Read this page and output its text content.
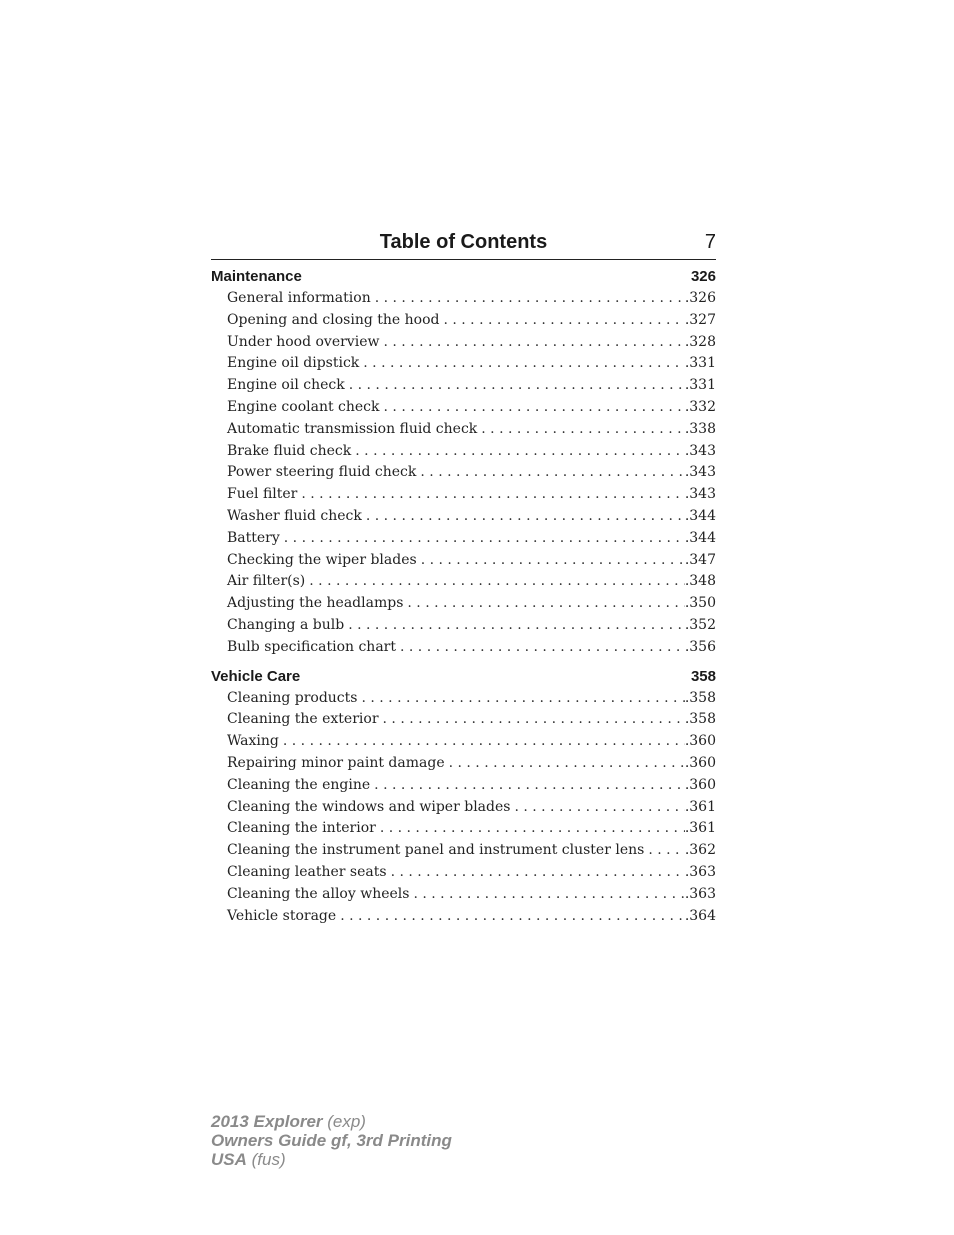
Table of Contents	7
Maintenance	326
General information . . .	.326
Opening and closing the hood . . .	.327
Under hood overview . . .	.328
Engine oil dipstick . . .	.331
Engine oil check . . .	.331
Engine coolant check . . .	.332
Automatic transmission fluid check . . .	.338
Brake fluid check . . .	.343
Power steering fluid check . . .	.343
Fuel filter . . .	.343
Washer fluid check . . .	.344
Battery . . .	.344
Checking the wiper blades . . .	.347
Air filter(s) . . .	.348
Adjusting the headlamps . . .	.350
Changing a bulb . . .	.352
Bulb specification chart . . .	.356
Vehicle Care	358
Cleaning products . . .	.358
Cleaning the exterior . . .	.358
Waxing . . .	.360
Repairing minor paint damage . . .	.360
Cleaning the engine . . .	.360
Cleaning the windows and wiper blades . . .	.361
Cleaning the interior . . .	.361
Cleaning the instrument panel and instrument cluster lens . . .	.362
Cleaning leather seats . . .	.363
Cleaning the alloy wheels . . .	.363
Vehicle storage . . .	.364
2013 Explorer (exp)
Owners Guide gf, 3rd Printing
USA (fus)
